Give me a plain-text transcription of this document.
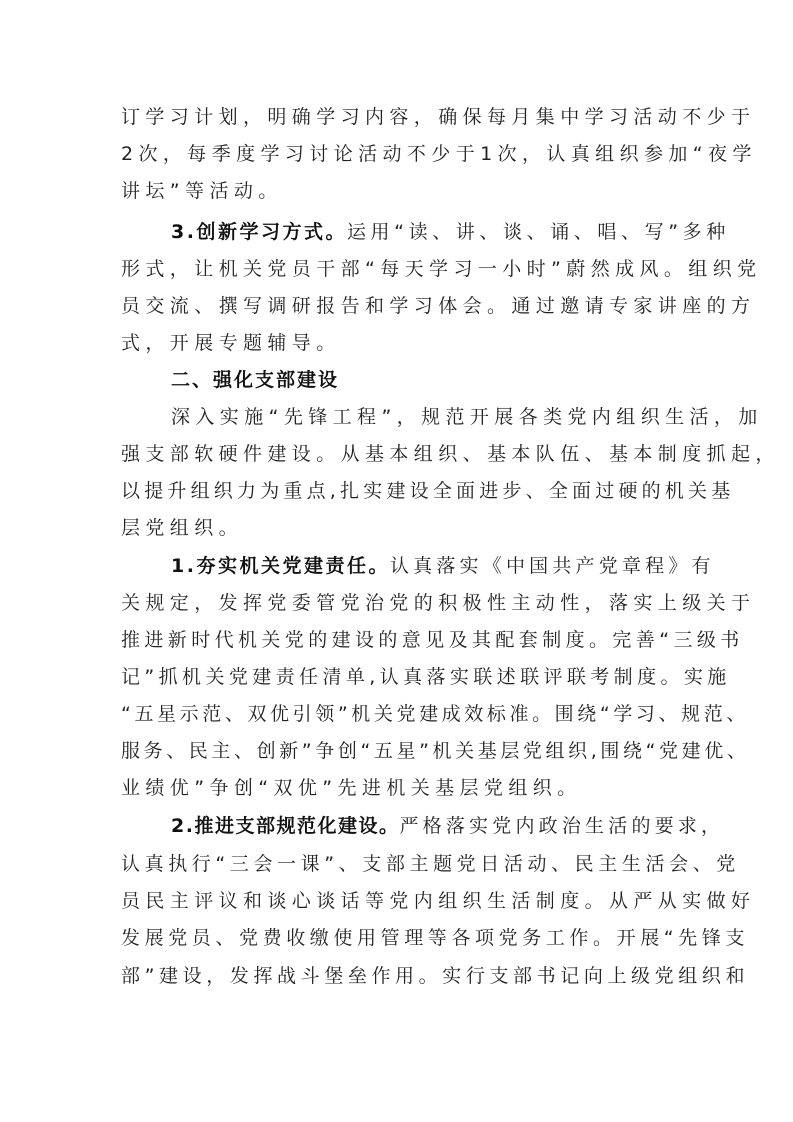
订学习计划，明确学习内容，确保每月集中学习活动不少于
2次，每季度学习讨论活动不少于1次，认真组织参加“夜学
讲坛”等活动。
3.创新学习方式。运用“读、讲、谈、诵、唱、写”多种
形式，让机关党员干部“每天学习一小时”蔚然成风。组织党
员交流、撰写调研报告和学习体会。通过邀请专家讲座的方
式，开展专题辅导。
二、强化支部建设
深入实施“先锋工程”，规范开展各类党内组织生活，加
强支部软硬件建设。从基本组织、基本队伍、基本制度抓起，
以提升组织力为重点,扎实建设全面进步、全面过硬的机关基
层党组织。
1.夯实机关党建责任。认真落实《中国共产党章程》有
关规定，发挥党委管党治党的积极性主动性，落实上级关于
推进新时代机关党的建设的意见及其配套制度。完善“三级书
记”抓机关党建责任清单,认真落实联述联评联考制度。实施
“五星示范、双优引领”机关党建成效标准。围绕“学习、规范、
服务、民主、创新”争创“五星”机关基层党组织,围绕“党建优、
业绩优”争创“双优”先进机关基层党组织。
2.推进支部规范化建设。严格落实党内政治生活的要求，
认真执行“三会一课”、支部主题党日活动、民主生活会、党
员民主评议和谈心谈话等党内组织生活制度。从严从实做好
发展党员、党费收缴使用管理等各项党务工作。开展“先锋支
部”建设，发挥战斗堡垒作用。实行支部书记向上级党组织和
